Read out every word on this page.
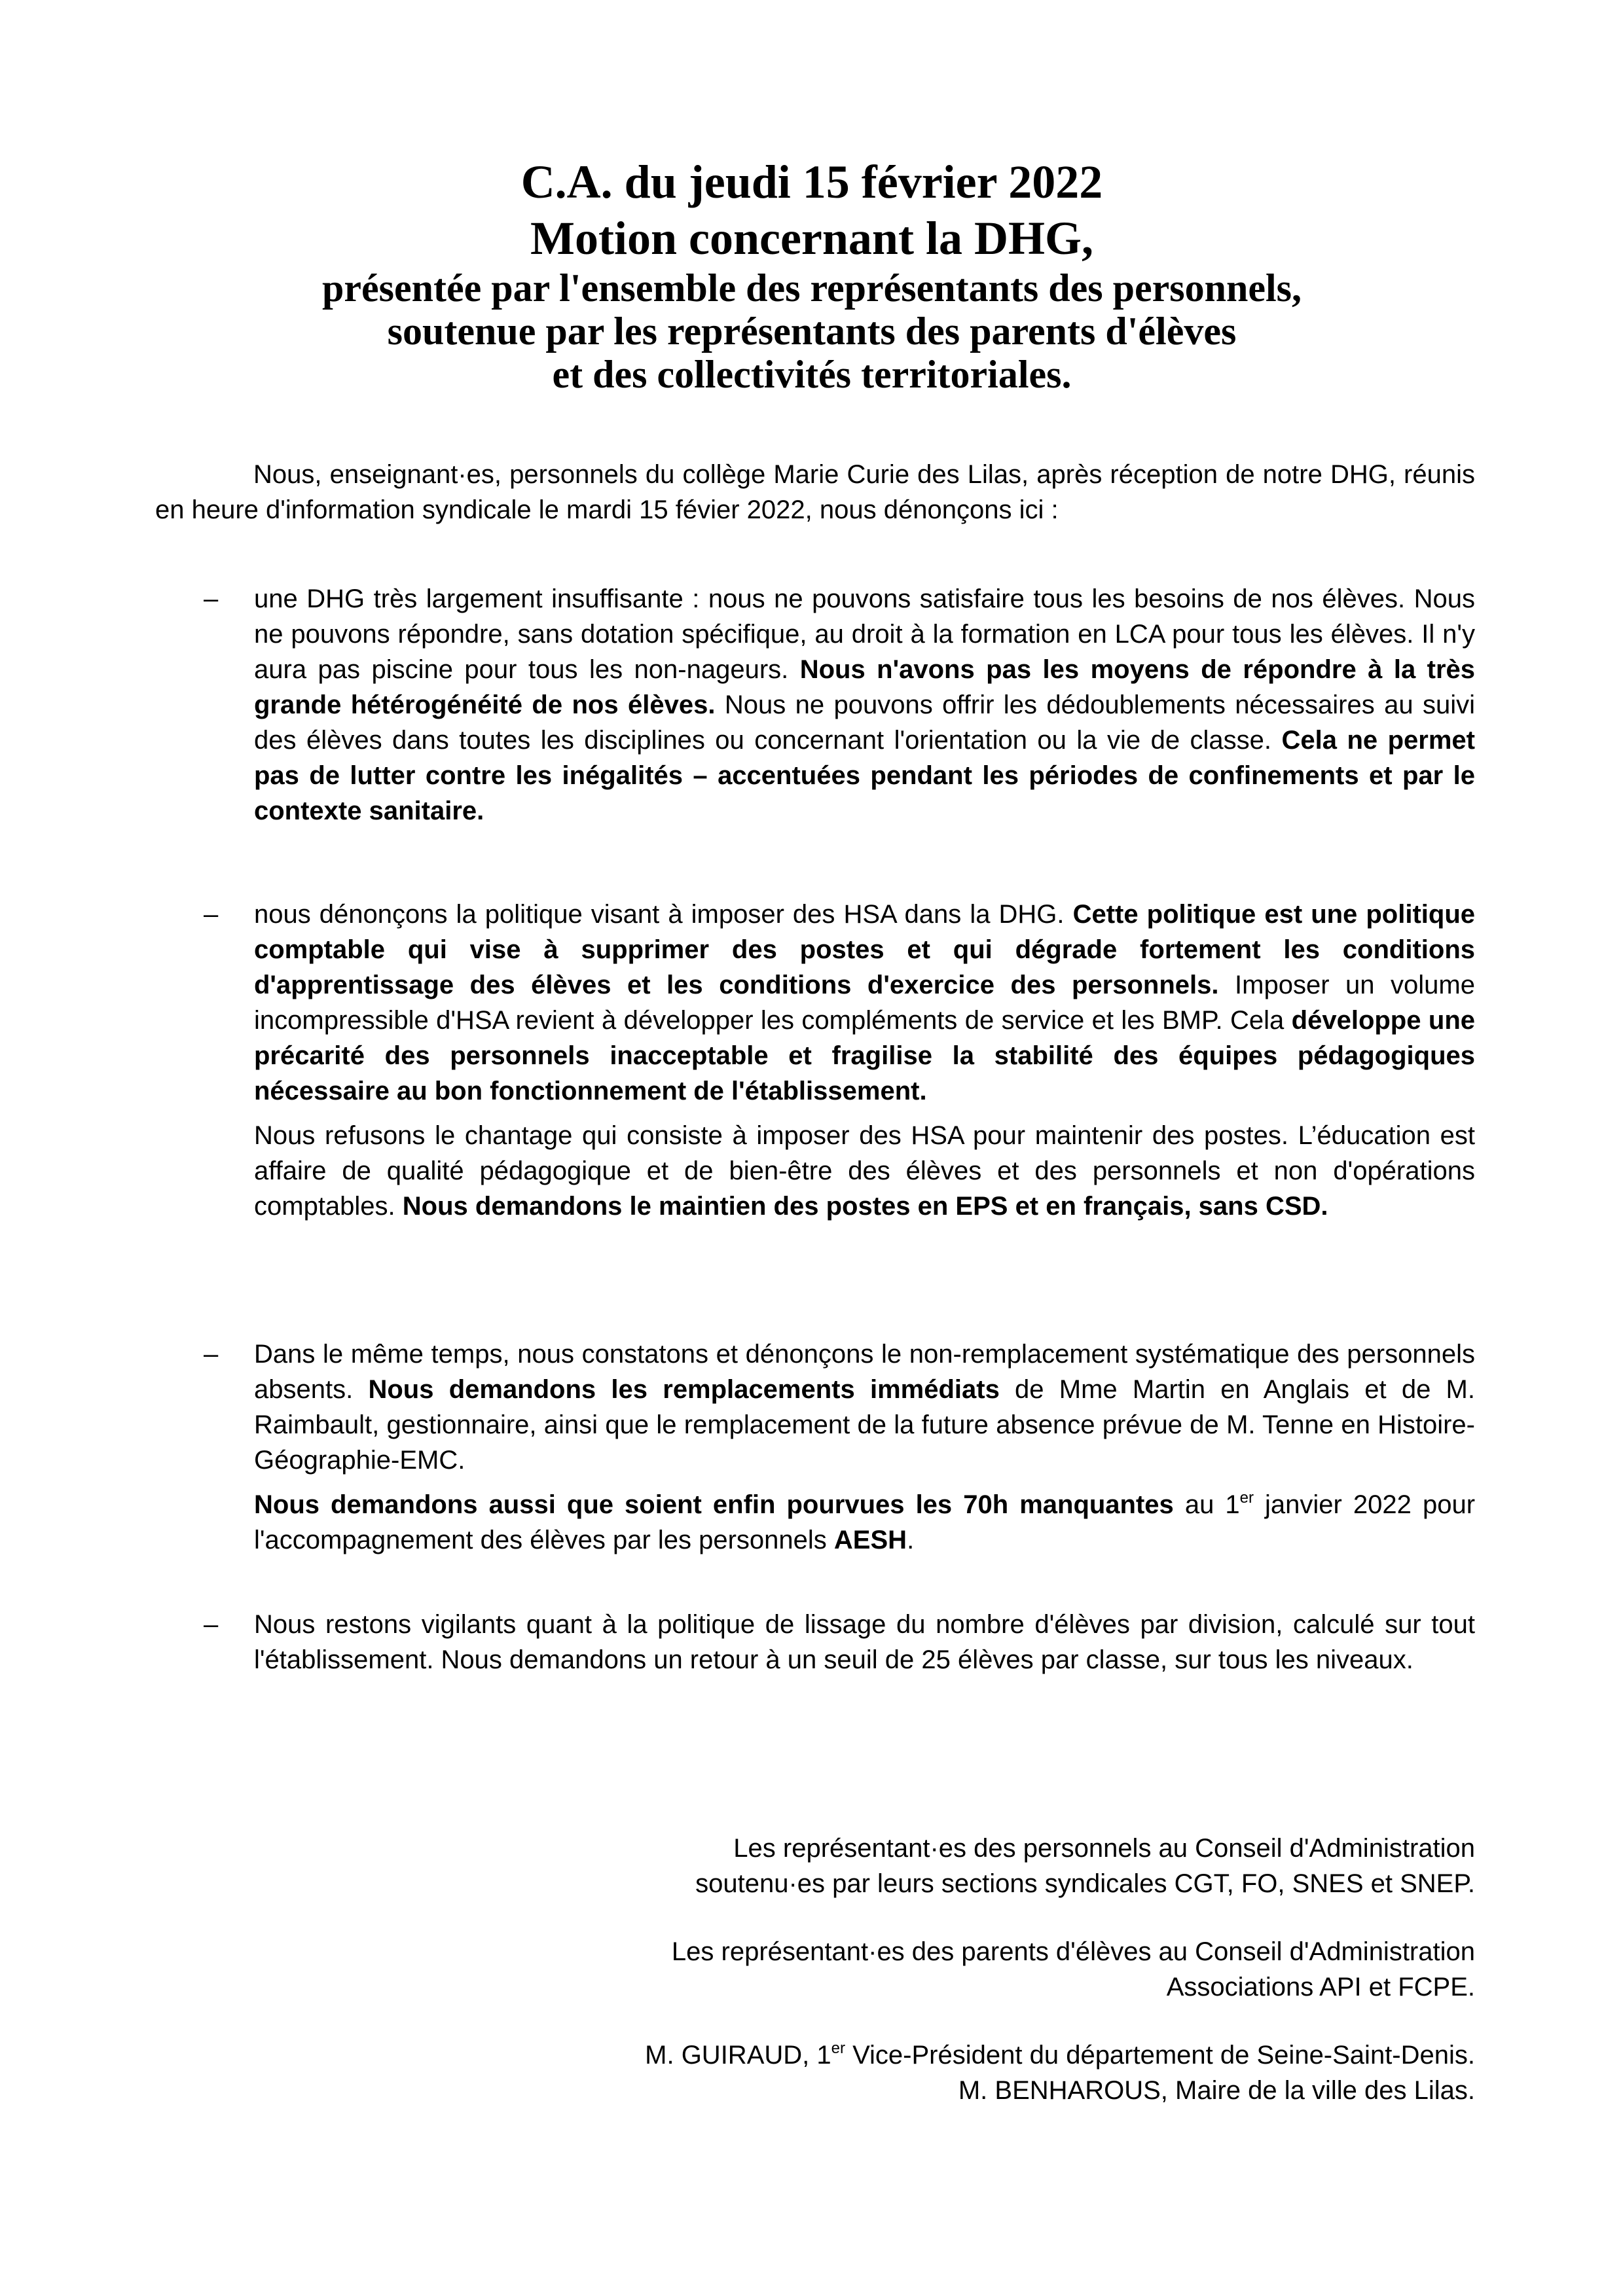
C.A. du jeudi 15 février 2022
Motion concernant la DHG,
présentée par l'ensemble des représentants des personnels,
soutenue par les représentants des parents d'élèves
et des collectivités territoriales.
Nous, enseignant·es, personnels du collège Marie Curie des Lilas, après réception de notre DHG, réunis en heure d'information syndicale le mardi 15 févier 2022, nous dénonçons ici :
– une DHG très largement insuffisante : nous ne pouvons satisfaire tous les besoins de nos élèves. Nous ne pouvons répondre, sans dotation spécifique, au droit à la formation en LCA pour tous les élèves. Il n'y aura pas piscine pour tous les non-nageurs. Nous n'avons pas les moyens de répondre à la très grande hétérogénéité de nos élèves. Nous ne pouvons offrir les dédoublements nécessaires au suivi des élèves dans toutes les disciplines ou concernant l'orientation ou la vie de classe. Cela ne permet pas de lutter contre les inégalités – accentuées pendant les périodes de confinements et par le contexte sanitaire.

– nous dénonçons la politique visant à imposer des HSA dans la DHG. Cette politique est une politique comptable qui vise à supprimer des postes et qui dégrade fortement les conditions d'apprentissage des élèves et les conditions d'exercice des personnels. Imposer un volume incompressible d'HSA revient à développer les compléments de service et les BMP. Cela développe une précarité des personnels inacceptable et fragilise la stabilité des équipes pédagogiques nécessaire au bon fonctionnement de l'établissement.

Nous refusons le chantage qui consiste à imposer des HSA pour maintenir des postes. L’éducation est affaire de qualité pédagogique et de bien-être des élèves et des personnels et non d'opérations comptables. Nous demandons le maintien des postes en EPS et en français, sans CSD.

– Dans le même temps, nous constatons et dénonçons le non-remplacement systématique des personnels absents. Nous demandons les remplacements immédiats de Mme Martin en Anglais et de M. Raimbault, gestionnaire, ainsi que le remplacement de la future absence prévue de M. Tenne en Histoire-Géographie-EMC.

Nous demandons aussi que soient enfin pourvues les 70h manquantes au 1er janvier 2022 pour l'accompagnement des élèves par les personnels AESH.

– Nous restons vigilants quant à la politique de lissage du nombre d'élèves par division, calculé sur tout l'établissement. Nous demandons un retour à un seuil de 25 élèves par classe, sur tous les niveaux.

Les représentant·es des personnels au Conseil d'Administration
soutenu·es par leurs sections syndicales CGT, FO, SNES et SNEP.
Les représentant·es des parents d'élèves au Conseil d'Administration
Associations API et FCPE.
M. GUIRAUD, 1er Vice-Président du département de Seine-Saint-Denis.
M. BENHAROUS, Maire de la ville des Lilas.
